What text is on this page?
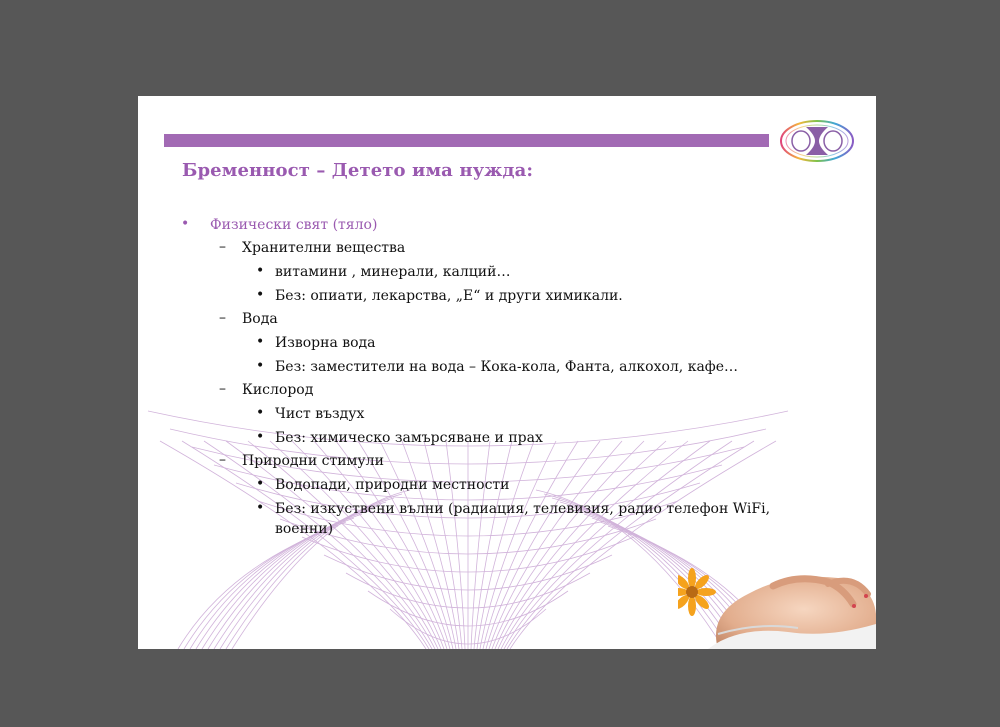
Бременност – Детето има нужда:
• Физически свят (тяло)
– Хранителни вещества
• витамини , минерали, калций…
• Без: опиати, лекарства, „Е“ и други химикали.
– Вода
• Изворна вода
• Без: заместители на вода – Кока-кола, Фанта, алкохол, кафе…
– Кислород
• Чист въздух
• Без: химическо замърсяване и прах
– Природни стимули
• Водопади, природни местности
• Без: изкуствени вълни (радиация, телевизия, радио телефон WiFi,
военни)
